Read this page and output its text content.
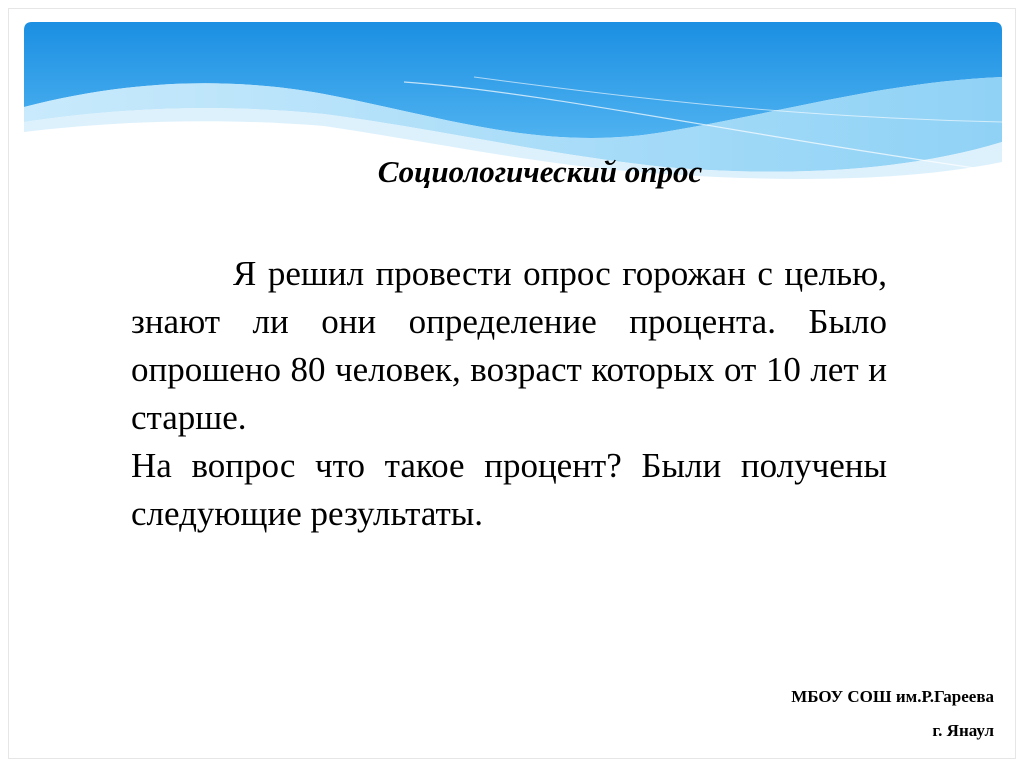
Социологический опрос

Я решил провести опрос горожан с целью, знают ли они определение процента. Было опрошено 80 человек, возраст которых от 10 лет и старше.

На вопрос что такое процент? Были получены следующие результаты.

МБОУ СОШ им.Р.Гареева
г. Янаул
